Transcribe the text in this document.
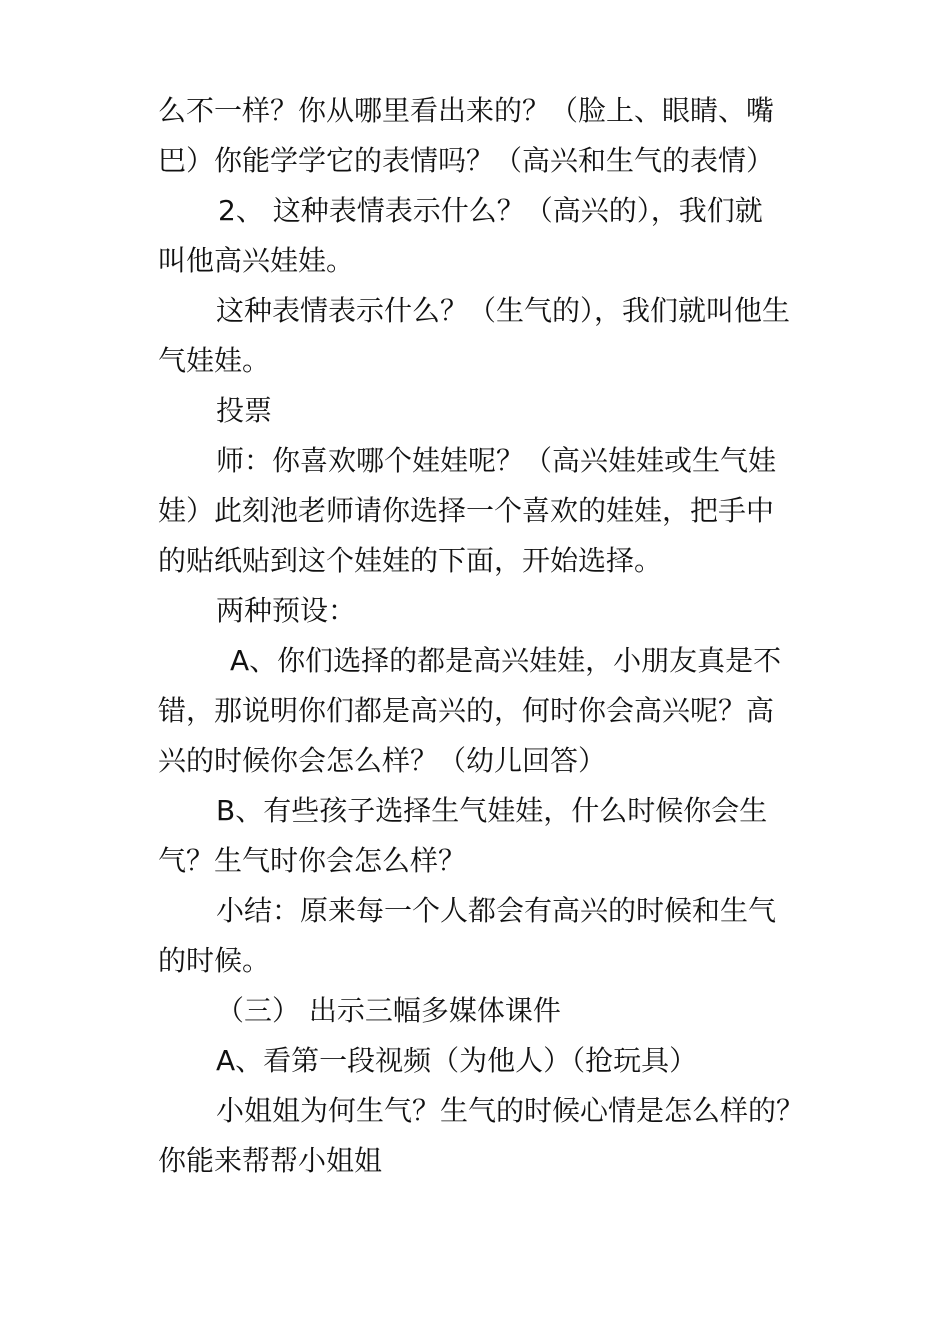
么不一样？你从哪里看出来的？（脸上、眼睛、嘴
巴）你能学学它的表情吗？（高兴和生气的表情）
2、 这种表情表示什么？（高兴的），我们就
叫他高兴娃娃。
这种表情表示什么？（生气的），我们就叫他生
气娃娃。
投票
师：你喜欢哪个娃娃呢？（高兴娃娃或生气娃
娃）此刻池老师请你选择一个喜欢的娃娃，把手中
的贴纸贴到这个娃娃的下面，开始选择。
两种预设：
A、你们选择的都是高兴娃娃，小朋友真是不
错，那说明你们都是高兴的，何时你会高兴呢？高
兴的时候你会怎么样？（幼儿回答）
B、有些孩子选择生气娃娃，什么时候你会生
气？生气时你会怎么样？
小结：原来每一个人都会有高兴的时候和生气
的时候。
（三） 出示三幅多媒体课件
A、看第一段视频（为他人）（抢玩具）
小姐姐为何生气？生气的时候心情是怎么样的？
你能来帮帮小姐姐
